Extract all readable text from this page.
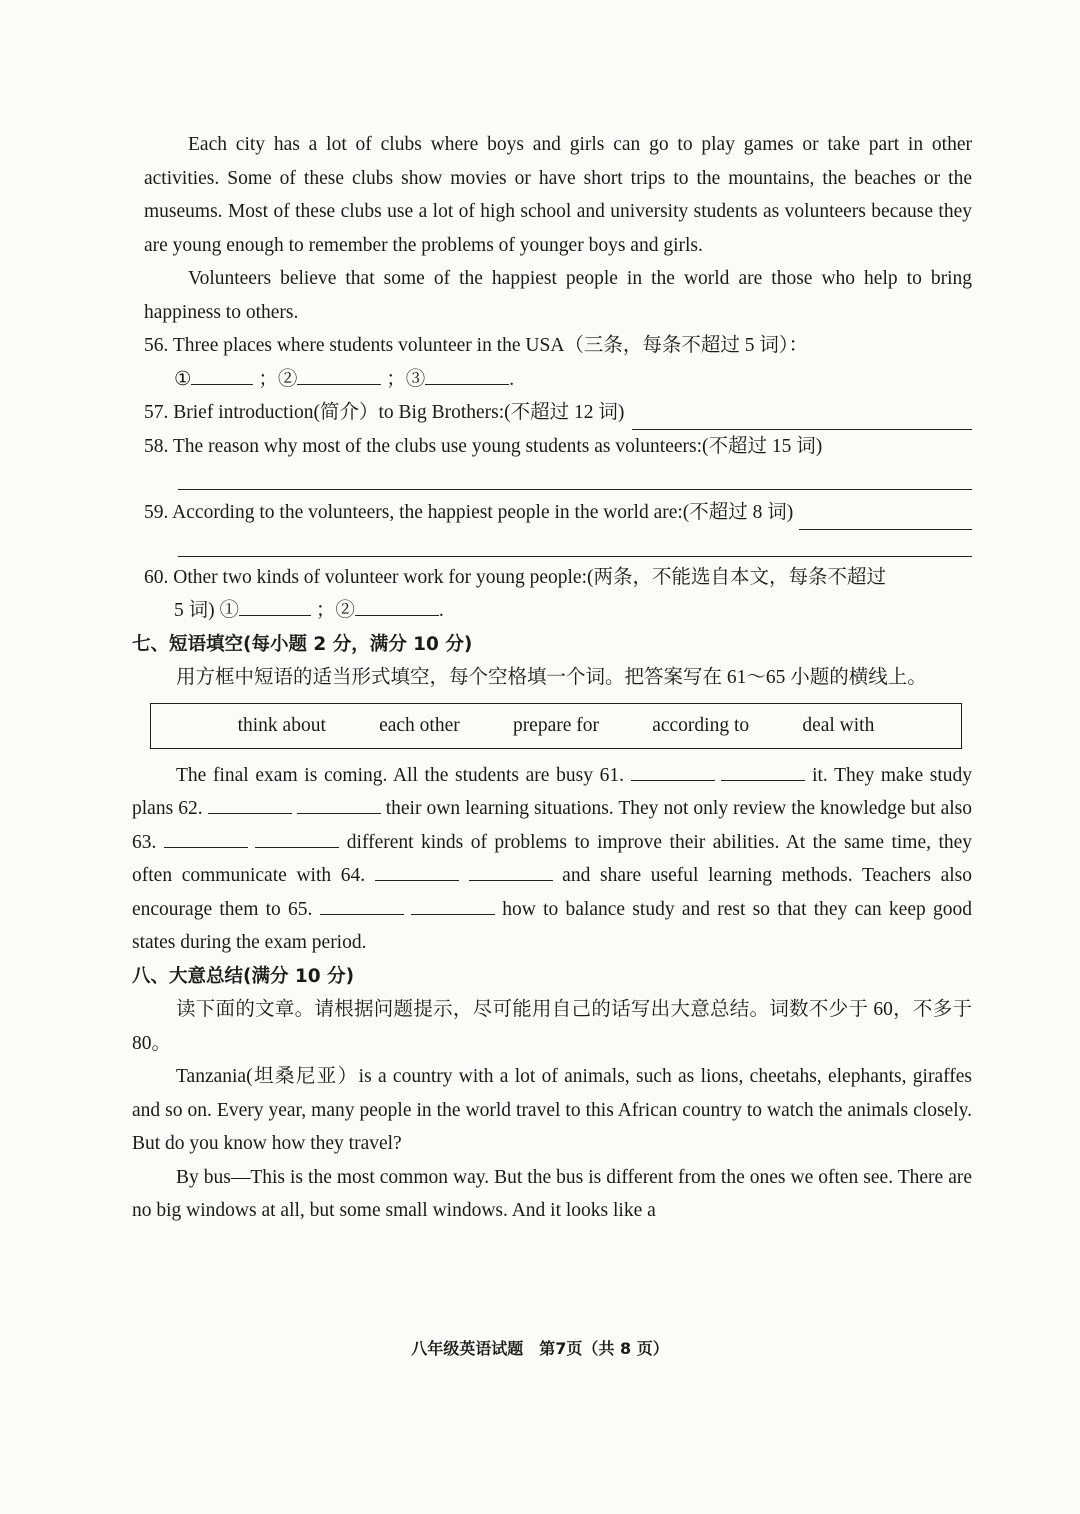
Each city has a lot of clubs where boys and girls can go to play games or take part in other activities. Some of these clubs show movies or have short trips to the mountains, the beaches or the museums. Most of these clubs use a lot of high school and university students as volunteers because they are young enough to remember the problems of younger boys and girls.

Volunteers believe that some of the happiest people in the world are those who help to bring happiness to others.

56. Three places where students volunteer in the USA（三条，每条不超过 5 词）：
①	；②	；③	.
57. Brief introduction(简介）to Big Brothers:(不超过 12 词)
58. The reason why most of the clubs use young students as volunteers:(不超过 15 词)
59. According to the volunteers, the happiest people in the world are:(不超过 8 词)
60. Other two kinds of volunteer work for young people:(两条，不能选自本文，每条不超过
5 词) ①	；②	.
七、短语填空(每小题 2 分，满分 10 分)

用方框中短语的适当形式填空，每个空格填一个词。把答案写在 61～65 小题的横线上。

think about	each other	prepare for	according to	deal with

The final exam is coming. All the students are busy 61.	it. They make study plans 62.	their own learning situations. They not only review the knowledge but also 63.	different kinds of problems to improve their abilities. At the same time, they often communicate with 64.	and share useful learning methods. Teachers also encourage them to 65.	how to balance study and rest so that they can keep good states during the exam period.

八、大意总结(满分 10 分)

读下面的文章。请根据问题提示，尽可能用自己的话写出大意总结。词数不少于 60，不多于 80。

Tanzania(坦桑尼亚）is a country with a lot of animals, such as lions, cheetahs, elephants, giraffes and so on. Every year, many people in the world travel to this African country to watch the animals closely. But do you know how they travel?

By bus—This is the most common way. But the bus is different from the ones we often see. There are no big windows at all, but some small windows. And it looks like a

八年级英语试题　第7页（共 8 页）
